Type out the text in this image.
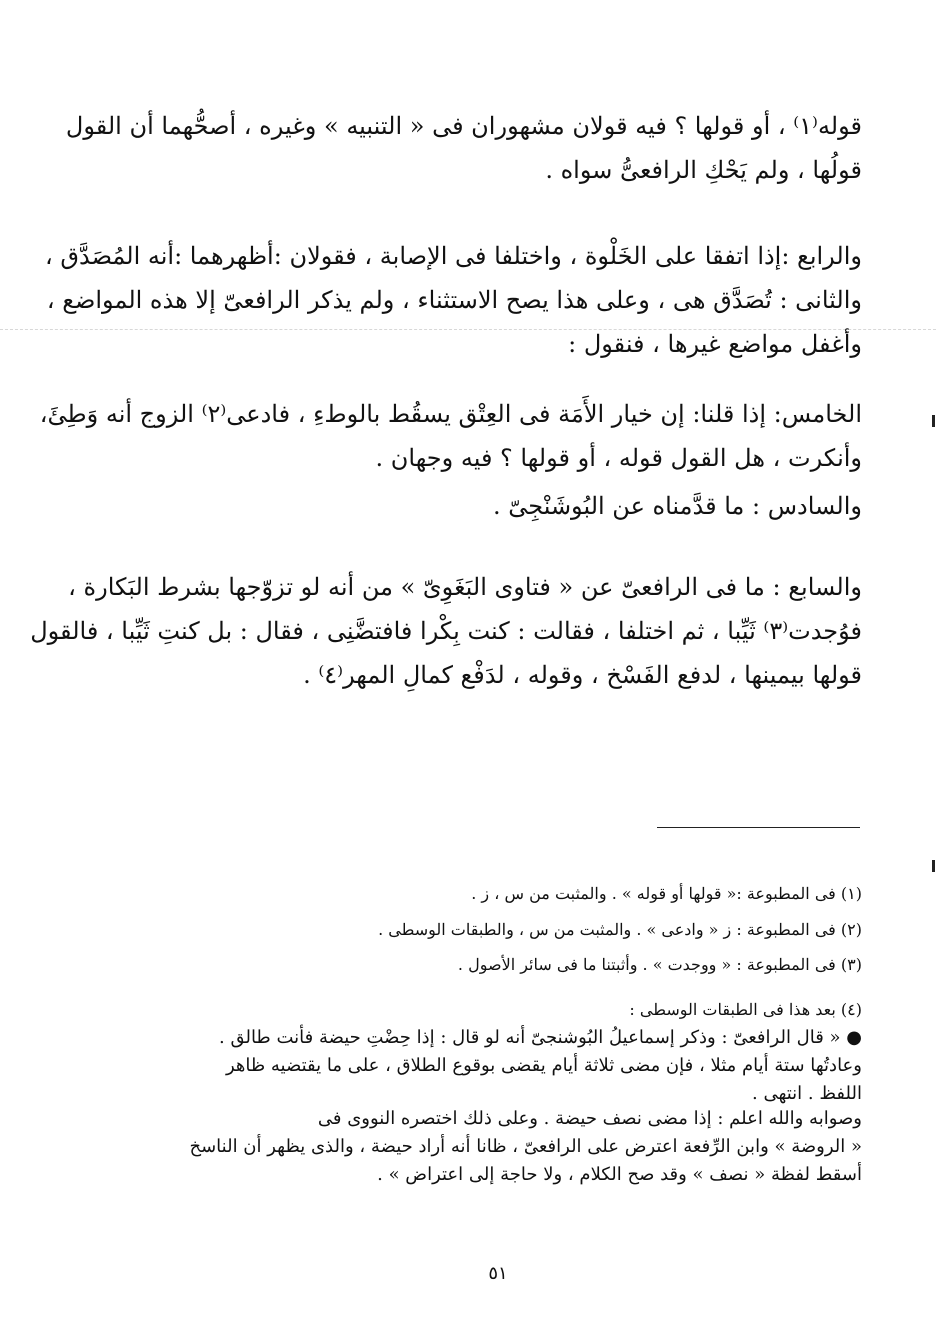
قوله⁽١⁾ ، أو قولها ؟ فيه قولان مشهوران فى « التنبيه » وغيره ، أصحُّهما أن القول
قولُها ، ولم يَحْكِ الرافعىُّ سواه .
والرابع :إذا اتفقا على الخَلْوة ، واختلفا فى الإصابة ، فقولان :أظهرهما :أنه المُصَدَّق ،
والثانى : تُصَدَّق هى ، وعلى هذا يصح الاستثناء ، ولم يذكر الرافعىّ إلا هذه المواضع ،
وأغفل مواضع غيرها ، فنقول :
الخامس: إذا قلنا: إن خيار الأَمَة فى العِتْق يسقُط بالوطءِ ، فادعى⁽٢⁾ الزوج أنه وَطِئَ،
وأنكرت ، هل القول قوله ، أو قولها ؟ فيه وجهان .
والسادس : ما قدَّمناه عن البُوشَنْجِىّ .
والسابع : ما فى الرافعىّ عن « فتاوى البَغَوِىّ » من أنه لو تزوّجها بشرط البَكارة ،
فوُجدت⁽٣⁾ ثَيِّبا ، ثم اختلفا ، فقالت : كنت بِكْرا فافتضَّنِى ، فقال : بل كنتِ ثَيِّبا ، فالقول
قولها بيمينها ، لدفع الفَسْخ ، وقوله ، لدَفْع كمالِ المهر⁽٤⁾ .
(١) فى المطبوعة :« قولها أو قوله » . والمثبت من س ، ز .
(٢) فى المطبوعة : ز « وادعى » . والمثبت من س ، والطبقات الوسطى .
(٣) فى المطبوعة : « ووجدت » . وأثبتنا ما فى سائر الأصول .
(٤) بعد هذا فى الطبقات الوسطى :
● « قال الرافعىّ : وذكر إسماعيلُ البُوشنجىّ أنه لو قال : إذا حِضْتِ حيضة فأنت طالق .
وعادتُها ستة أيام مثلا ، فإن مضى ثلاثة أيام يقضى بوقوع الطلاق ، على ما يقتضيه ظاهر
اللفظ . انتهى .
وصوابه والله اعلم : إذا مضى نصف حيضة . وعلى ذلك اختصره النووى فى
« الروضة » وابن الرِّفعة اعترض على الرافعىّ ، ظانا أنه أراد حيضة ، والذى يظهر أن الناسخ
أسقط لفظة « نصف » وقد صح الكلام ، ولا حاجة إلى اعتراض » .
٥١
